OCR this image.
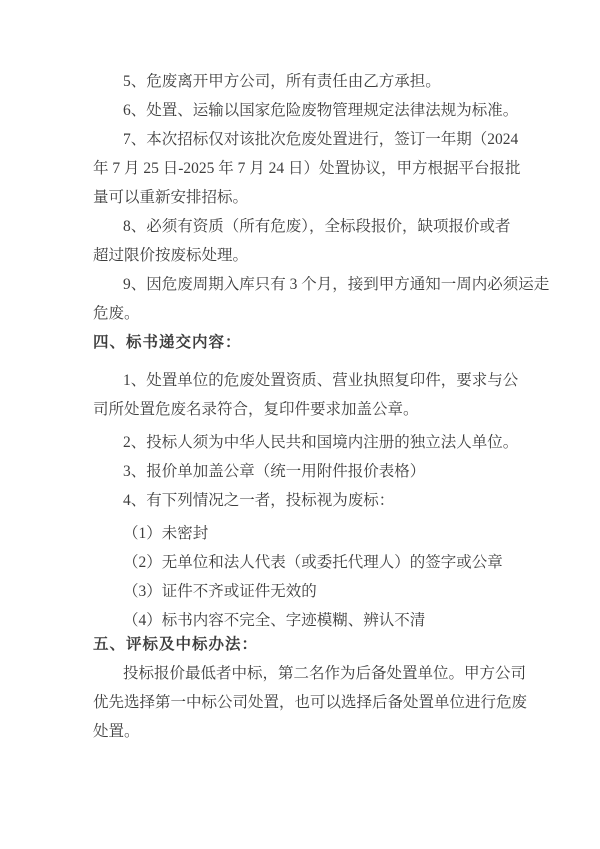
5、危废离开甲方公司，所有责任由乙方承担。

6、处置、运输以国家危险废物管理规定法律法规为标准。

7、本次招标仅对该批次危废处置进行，签订一年期（2024
年 7 月 25 日-2025 年 7 月 24 日）处置协议，甲方根据平台报批
量可以重新安排招标。

8、必须有资质（所有危废），全标段报价，缺项报价或者
超过限价按废标处理。

9、因危废周期入库只有 3 个月，接到甲方通知一周内必须运走
危废。

四、标书递交内容：

1、处置单位的危废处置资质、营业执照复印件，要求与公
司所处置危废名录符合，复印件要求加盖公章。

2、投标人须为中华人民共和国境内注册的独立法人单位。

3、报价单加盖公章（统一用附件报价表格）

4、有下列情况之一者，投标视为废标：

（1）未密封

（2）无单位和法人代表（或委托代理人）的签字或公章

（3）证件不齐或证件无效的

（4）标书内容不完全、字迹模糊、辨认不清

五、评标及中标办法：

投标报价最低者中标，第二名作为后备处置单位。甲方公司
优先选择第一中标公司处置，也可以选择后备处置单位进行危废
处置。
